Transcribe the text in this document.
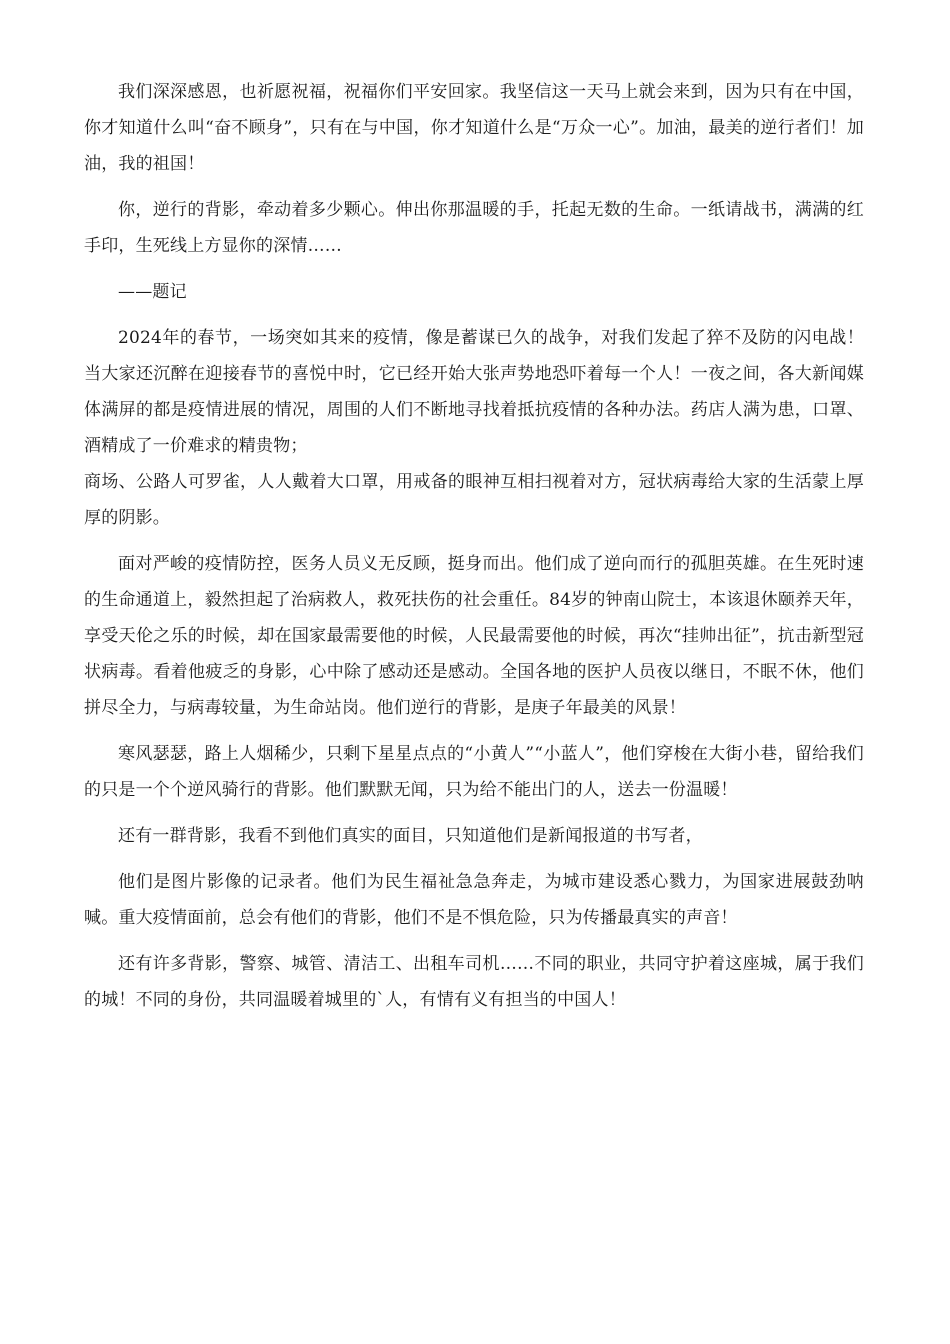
我们深深感恩，也祈愿祝福，祝福你们平安回家。我坚信这一天马上就会来到，因为只有在中国，你才知道什么叫“奋不顾身”，只有在与中国，你才知道什么是“万众一心”。加油，最美的逆行者们！加油，我的祖国！

你，逆行的背影，牵动着多少颗心。伸出你那温暖的手，托起无数的生命。一纸请战书，满满的红手印，生死线上方显你的深情……

——题记

2024年的春节，一场突如其来的疫情，像是蓄谋已久的战争，对我们发起了猝不及防的闪电战！当大家还沉醉在迎接春节的喜悦中时，它已经开始大张声势地恐吓着每一个人！一夜之间，各大新闻媒体满屏的都是疫情进展的情况，周围的人们不断地寻找着抵抗疫情的各种办法。药店人满为患，口罩、酒精成了一价难求的精贵物；

商场、公路人可罗雀，人人戴着大口罩，用戒备的眼神互相扫视着对方，冠状病毒给大家的生活蒙上厚厚的阴影。

面对严峻的疫情防控，医务人员义无反顾，挺身而出。他们成了逆向而行的孤胆英雄。在生死时速的生命通道上，毅然担起了治病救人，救死扶伤的社会重任。84岁的钟南山院士，本该退休颐养天年，享受天伦之乐的时候，却在国家最需要他的时候，人民最需要他的时候，再次“挂帅出征”，抗击新型冠状病毒。看着他疲乏的身影，心中除了感动还是感动。全国各地的医护人员夜以继日，不眠不休，他们拼尽全力，与病毒较量，为生命站岗。他们逆行的背影，是庚子年最美的风景！

寒风瑟瑟，路上人烟稀少，只剩下星星点点的“小黄人”“小蓝人”，他们穿梭在大街小巷，留给我们的只是一个个逆风骑行的背影。他们默默无闻，只为给不能出门的人，送去一份温暖！

还有一群背影，我看不到他们真实的面目，只知道他们是新闻报道的书写者，

他们是图片影像的记录者。他们为民生福祉急急奔走，为城市建设悉心戮力，为国家进展鼓劲呐喊。重大疫情面前，总会有他们的背影，他们不是不惧危险，只为传播最真实的声音！

还有许多背影，警察、城管、清洁工、出租车司机……不同的职业，共同守护着这座城，属于我们的城！不同的身份，共同温暖着城里的`人，有情有义有担当的中国人！
